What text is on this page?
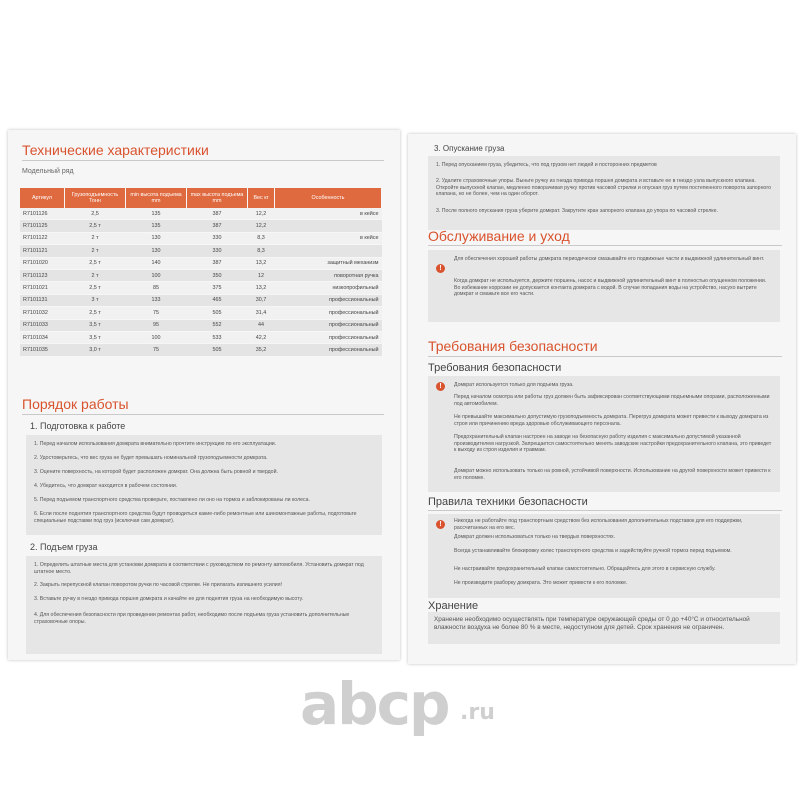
Технические характеристики
Модельный ряд
Артикул	Грузоподъемность Тонн	min высота подъема mm	max высота подъема mm	Вес кг	Особенность
R7101126	2,5	135	387	12,2	в кейсе
R7101125	2,5 т	135	387	12,2	
R7101122	2 т	130	330	8,3	в кейсе
R7101121	2 т	130	330	8,3	
R7101020	2,5 т	140	387	13,2	защитный механизм
R7101123	2 т	100	350	12	поворотная ручка
R7101021	2,5 т	85	375	13,2	низкопрофильный
R7101131	3 т	133	465	30,7	профессиональный
R7101032	2,5 т	75	505	31,4	профессиональный
R7101033	3,5 т	95	552	44	профессиональный
R7101034	3,5 т	100	533	42,2	профессиональный
R7101035	3,0 т	75	505	35,2	профессиональный
Порядок работы
1. Подготовка к работе
1. Перед началом использования домкрата внимательно прочтите инструкцию по его эксплуатации.
2. Удостоверьтесь, что вес груза не будет превышать номинальной грузоподъемности домкрата.
3. Оцените поверхность, на которой будет расположен домкрат. Она должна быть ровной и твердой.
4. Убедитесь, что домкрат находится в рабочем состоянии.
5. Перед подъемом транспортного средства проверьте, поставлено ли оно на тормоз и заблокированы ли колеса.
6. Если после поднятия транспортного средства будут проводиться какие-либо ремонтные или шиномонтажные работы, подготовьте специальные подставки под груз (исключая сам домкрат).
2. Подъем груза
1. Определить штатные места для установки домкрата в соответствии с руководством по ремонту автомобиля. Установить домкрат под штатное место.
2. Закрыть перепускной клапан поворотом ручки по часовой стрелке. Не прилагать излишнего усилия!
3. Вставьте ручку в гнездо привода поршня домкрата и качайте ее для поднятия груза на необходимую высоту.
4. Для обеспечения безопасности при проведении ремонтах работ, необходимо после подъема груза установить дополнительные страховочные опоры.
3. Опускание груза
1. Перед опусканием груза, убедитесь, что под грузом нет людей и посторонних предметов
2. Удалите страховочные упоры. Выньте ручку из гнезда привода поршня домкрата и вставьте ее в гнездо узла выпускного клапана. Откройте выпускной клапан, медленно поворачивая ручку против часовой стрелки и опуская груз путем постепенного поворота запорного клапана, но не более, чем на один оборот.
3. После полного опускания груза уберите домкрат. Закрутите кран запорного клапана до упора по часовой стрелке.
Обслуживание и уход
!
Для обеспечения хорошей работы домкрата периодически смазывайте его подвижные части и выдвижной удлинительный винт.
Когда домкрат не используется, держите поршень, насос и выдвижной удлинительный винт в полностью опущенном положении. Во избежание коррозии не допускается контакта домкрата с водой. В случае попадания воды на устройство, насухо вытрите домкрат и смажьте все его части.
Требования безопасности
Требования безопасности
!	Домкрат используется только для подъема груза.
Перед началом осмотра или работы груз должен быть зафиксирован соответствующими подъемными опорами, расположенными под автомобилем.
Не превышайте максимально допустимую грузоподъемность домкрата. Перегруз домкрата может привести к выходу домкрата из строя или причинению вреда здоровью обслуживающего персонала.
Предохранительный клапан настроен на заводе на безопасную работу изделия с максимально допустимой указанной производителем нагрузкой. Запрещается самостоятельно менять заводские настройки предохранительного клапана, это приведет к выходу из строя изделия и травмам.
Домкрат можно использовать только на ровной, устойчивой поверхности. Использование на другой поверхности может привести к его поломке.
Правила техники безопасности
!	Никогда не работайте под транспортным средством без использования дополнительных подставок для его поддержки, рассчитанных на его вес.
Домкрат должен использоваться только на твердых поверхностях.
Всегда устанавливайте блокировку колес транспортного средства и задействуйте ручной тормоз перед подъемом.
Не настраивайте предохранительный клапан самостоятельно. Обращайтесь для этого в сервисную службу.
Не производите разборку домкрата. Это может привести к его поломке.
Хранение
Хранение необходимо осуществлять при температуре окружающей среды от 0 до +40°С и относительной влажности воздуха не более 80 % в месте, недоступном для детей. Срок хранения не ограничен.
abcp .ru
